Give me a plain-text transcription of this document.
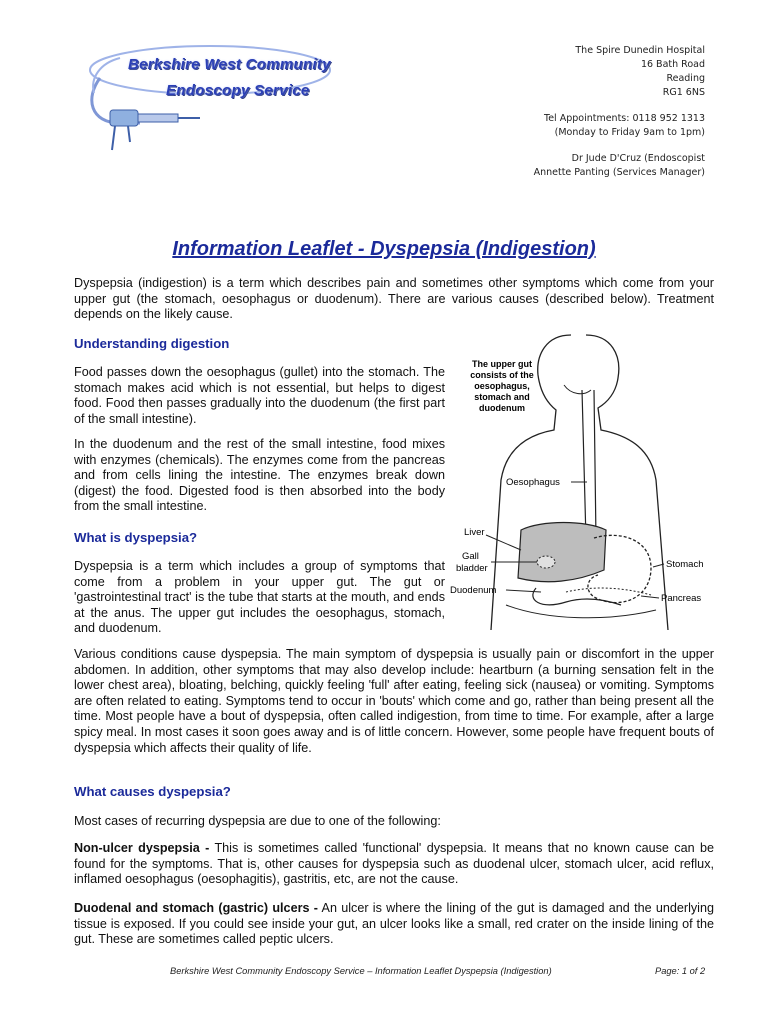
Berkshire West Community
Endoscopy Service
The Spire Dunedin Hospital
16 Bath Road
Reading
RG1 6NS
Tel Appointments: 0118 952 1313
(Monday to Friday 9am to 1pm)
Dr Jude D'Cruz (Endoscopist
Annette Panting (Services Manager)
Information Leaflet - Dyspepsia (Indigestion)
Dyspepsia (indigestion) is a term which describes pain and sometimes other symptoms which come from your upper gut (the stomach, oesophagus or duodenum). There are various causes (described below). Treatment depends on the likely cause.
Understanding digestion
Food passes down the oesophagus (gullet) into the stomach. The stomach makes acid which is not essential, but helps to digest food. Food then passes gradually into the duodenum (the first part of the small intestine).
In the duodenum and the rest of the small intestine, food mixes with enzymes (chemicals). The enzymes come from the pancreas and from cells lining the intestine. The enzymes break down (digest) the food. Digested food is then absorbed into the body from the small intestine.
What is dyspepsia?
Dyspepsia is a term which includes a group of symptoms that come from a problem in your upper gut. The gut or 'gastrointestinal tract' is the tube that starts at the mouth, and ends at the anus. The upper gut includes the oesophagus, stomach, and duodenum.
Various conditions cause dyspepsia. The main symptom of dyspepsia is usually pain or discomfort in the upper abdomen. In addition, other symptoms that may also develop include: heartburn (a burning sensation felt in the lower chest area), bloating, belching, quickly feeling 'full' after eating, feeling sick (nausea) or vomiting. Symptoms are often related to eating. Symptoms tend to occur in 'bouts' which come and go, rather than being present all the time. Most people have a bout of dyspepsia, often called indigestion, from time to time. For example, after a large spicy meal. In most cases it soon goes away and is of little concern. However, some people have frequent bouts of dyspepsia which affects their quality of life.
What causes dyspepsia?
Most cases of recurring dyspepsia are due to one of the following:
Non-ulcer dyspepsia - This is sometimes called 'functional' dyspepsia. It means that no known cause can be found for the symptoms. That is, other causes for dyspepsia such as duodenal ulcer, stomach ulcer, acid reflux, inflamed oesophagus (oesophagitis), gastritis, etc, are not the cause.
Duodenal and stomach (gastric) ulcers - An ulcer is where the lining of the gut is damaged and the underlying tissue is exposed. If you could see inside your gut, an ulcer looks like a small, red crater on the inside lining of the gut. These are sometimes called peptic ulcers.
The upper gut
consists of the
oesophagus,
stomach and
duodenum
Oesophagus
Liver
Gall
bladder
Duodenum
Stomach
Pancreas
Berkshire West Community Endoscopy Service – Information Leaflet Dyspepsia (Indigestion)	Page: 1 of 2
